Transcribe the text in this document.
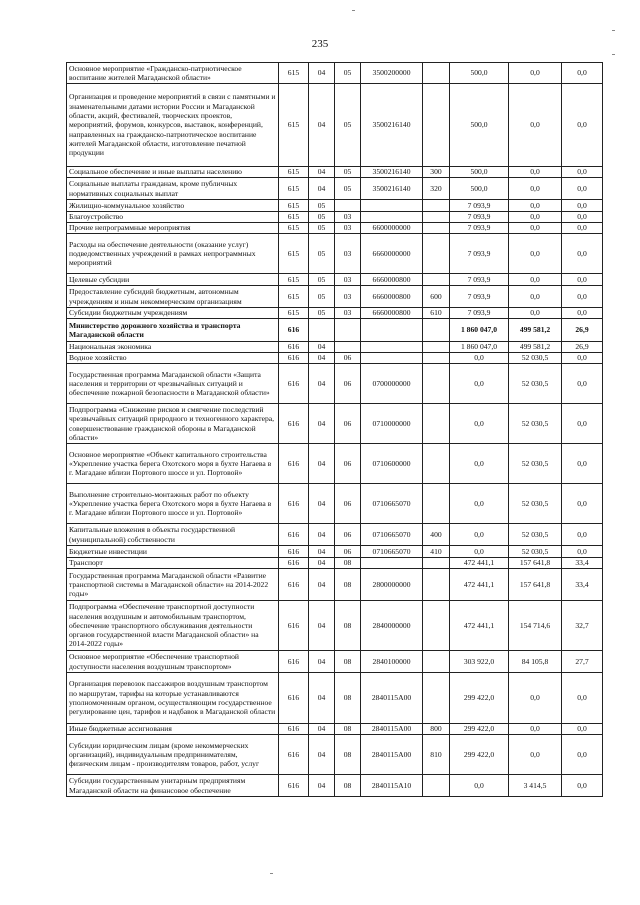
235
Основное мероприятие «Гражданско-патриотическое воспитание жителей Магаданской области»	615	04	05	3500200000		500,0	0,0	0,0
Организация и проведение мероприятий в связи с памятными и знаменательными датами истории России и Магаданской области, акций, фестивалей, творческих проектов, мероприятий, форумов, конкурсов, выставок, конференций, направленных на гражданско-патриотическое воспитание жителей Магаданской области, изготовление печатной продукции	615	04	05	3500216140		500,0	0,0	0,0
Социальное обеспечение и иные выплаты населению	615	04	05	3500216140	300	500,0	0,0	0,0
Социальные выплаты гражданам, кроме публичных нормативных социальных выплат	615	04	05	3500216140	320	500,0	0,0	0,0
Жилищно-коммунальное хозяйство	615	05				7 093,9	0,0	0,0
Благоустройство	615	05	03			7 093,9	0,0	0,0
Прочие непрограммные мероприятия	615	05	03	6600000000		7 093,9	0,0	0,0
Расходы на обеспечение деятельности (оказание услуг) подведомственных учреждений в рамках непрограммных мероприятий	615	05	03	6660000000		7 093,9	0,0	0,0
Целевые субсидии	615	05	03	6660000800		7 093,9	0,0	0,0
Предоставление субсидий бюджетным, автономным учреждениям и иным некоммерческим организациям	615	05	03	6660000800	600	7 093,9	0,0	0,0
Субсидии бюджетным учреждениям	615	05	03	6660000800	610	7 093,9	0,0	0,0
Министерство дорожного хозяйства и транспорта Магаданской области	616					1 860 047,0	499 581,2	26,9
Национальная экономика	616	04				1 860 047,0	499 581,2	26,9
Водное хозяйство	616	04	06			0,0	52 030,5	0,0
Государственная программа Магаданской области «Защита населения и территории от чрезвычайных ситуаций и обеспечение пожарной безопасности в Магаданской области»	616	04	06	0700000000		0,0	52 030,5	0,0
Подпрограмма «Снижение рисков и смягчение последствий чрезвычайных ситуаций природного и техногенного характера, совершенствование гражданской обороны в Магаданской области»	616	04	06	0710000000		0,0	52 030,5	0,0
Основное мероприятие «Объект капитального строительства «Укрепление участка берега Охотского моря в бухте Нагаева в г. Магадане вблизи Портового шоссе и ул. Портовой»	616	04	06	0710600000		0,0	52 030,5	0,0
Выполнение строительно-монтажных работ по объекту «Укрепление участка берега Охотского моря в бухте Нагаева в г. Магадане вблизи Портового шоссе и ул. Портовой»	616	04	06	0710665070		0,0	52 030,5	0,0
Капитальные вложения в объекты государственной (муниципальной) собственности	616	04	06	0710665070	400	0,0	52 030,5	0,0
Бюджетные инвестиции	616	04	06	0710665070	410	0,0	52 030,5	0,0
Транспорт	616	04	08			472 441,1	157 641,8	33,4
Государственная программа Магаданской области «Развитие транспортной системы в Магаданской области» на 2014-2022 годы»	616	04	08	2800000000		472 441,1	157 641,8	33,4
Подпрограмма «Обеспечение транспортной доступности населения воздушным и автомобильным транспортом, обеспечение транспортного обслуживания деятельности органов государственной власти Магаданской области» на 2014-2022 годы»	616	04	08	2840000000		472 441,1	154 714,6	32,7
Основное мероприятие «Обеспечение транспортной доступности населения воздушным транспортом»	616	04	08	2840100000		303 922,0	84 105,8	27,7
Организация перевозок пассажиров воздушным транспортом по маршрутам, тарифы на которые устанавливаются уполномоченным органом, осуществляющим государственное регулирование цен, тарифов и надбавок в Магаданской области	616	04	08	2840115А00		299 422,0	0,0	0,0
Иные бюджетные ассигнования	616	04	08	2840115А00	800	299 422,0	0,0	0,0
Субсидии юридическим лицам (кроме некоммерческих организаций), индивидуальным предпринимателям, физическим лицам - производителям товаров, работ, услуг	616	04	08	2840115А00	810	299 422,0	0,0	0,0
Субсидии государственным унитарным предприятиям Магаданской области на финансовое обеспечение	616	04	08	2840115А10		0,0	3 414,5	0,0
